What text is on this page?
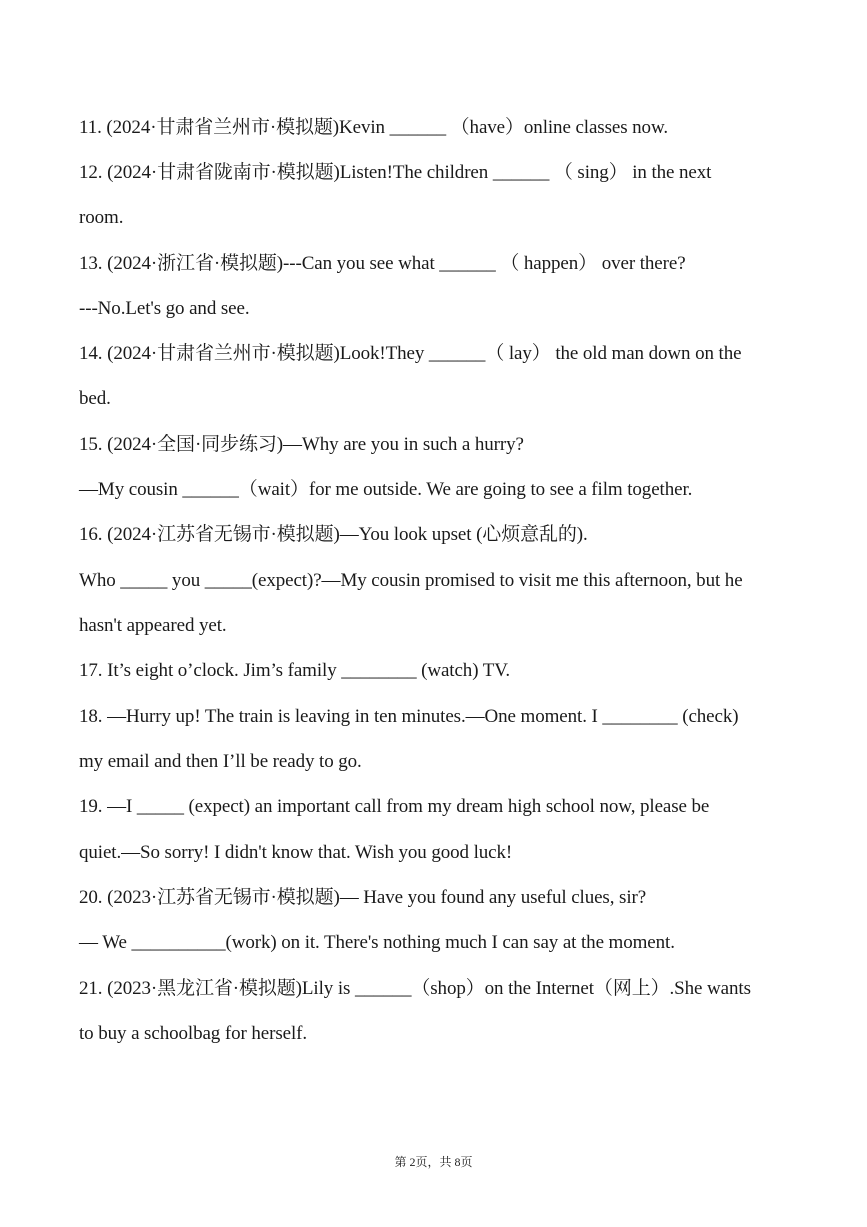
11. (2024·甘肃省兰州市·模拟题)Kevin ______ （have）online classes now.
12. (2024·甘肃省陇南市·模拟题)Listen!The children ______ （ sing） in the next
room.
13. (2024·浙江省·模拟题)---Can you see what ______ （ happen） over there?
---No.Let's go and see.
14. (2024·甘肃省兰州市·模拟题)Look!They ______（ lay） the old man down on the
bed.
15. (2024·全国·同步练习)—Why are you in such a hurry?
—My cousin ______（wait）for me outside. We are going to see a film together.
16. (2024·江苏省无锡市·模拟题)—You look upset (心烦意乱的).
Who _____ you _____(expect)?—My cousin promised to visit me this afternoon, but he
hasn't appeared yet.
17. It’s eight o’clock. Jim’s family ________ (watch) TV.
18. —Hurry up! The train is leaving in ten minutes.—One moment. I ________ (check)
my email and then I’ll be ready to go.
19. —I _____ (expect) an important call from my dream high school now, please be
quiet.—So sorry! I didn't know that. Wish you good luck!
20. (2023·江苏省无锡市·模拟题)— Have you found any useful clues, sir?
— We __________(work) on it. There's nothing much I can say at the moment.
21. (2023·黑龙江省·模拟题)Lily is ______（shop）on the Internet（网上）.She wants
to buy a schoolbag for herself.
第 2页，共 8页
